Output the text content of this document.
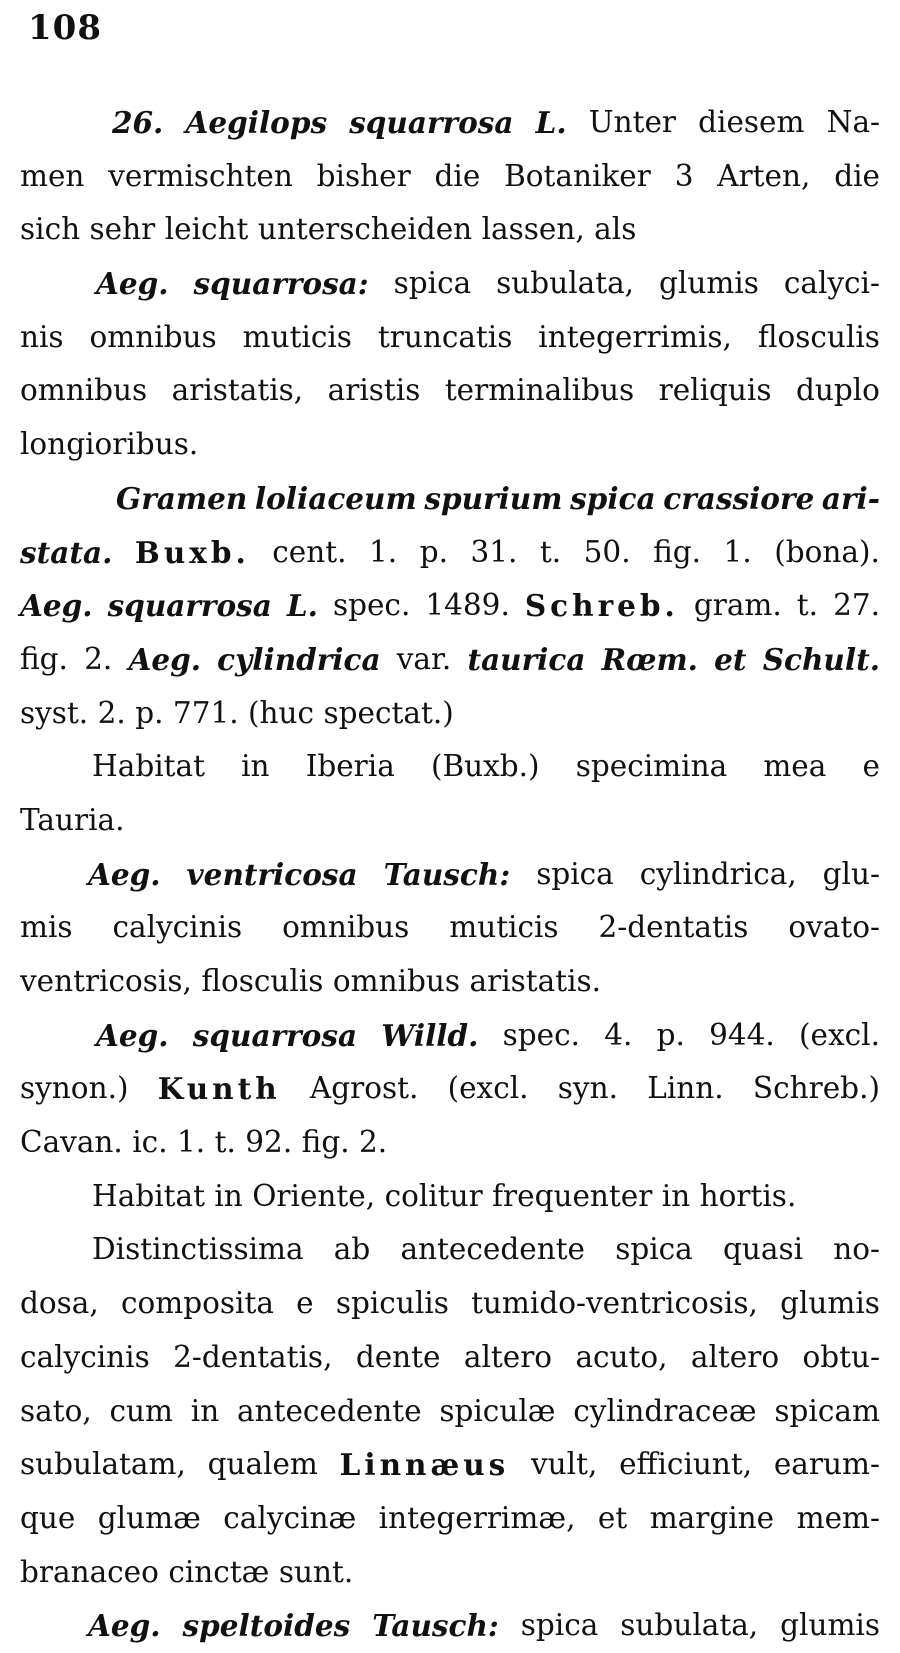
108
26. Aegilops squarrosa L. Unter diesem Na-
men vermischten bisher die Botaniker 3 Arten, die
sich sehr leicht unterscheiden lassen, als
Aeg. squarrosa: spica subulata, glumis calyci-
nis omnibus muticis truncatis integerrimis, flosculis
omnibus aristatis, aristis terminalibus reliquis duplo
longioribus.
Gramen loliaceum spurium spica crassiore ari-
stata. Buxb. cent. 1. p. 31. t. 50. fig. 1. (bona).
Aeg. squarrosa L. spec. 1489. Schreb. gram. t. 27.
fig. 2. Aeg. cylindrica var. taurica Rœm. et Schult.
syst. 2. p. 771. (huc spectat.)
Habitat in Iberia (Buxb.) specimina mea e
Tauria.
Aeg. ventricosa Tausch: spica cylindrica, glu-
mis calycinis omnibus muticis 2-dentatis ovato-
ventricosis, flosculis omnibus aristatis.
Aeg. squarrosa Willd. spec. 4. p. 944. (excl.
synon.) Kunth Agrost. (excl. syn. Linn. Schreb.)
Cavan. ic. 1. t. 92. fig. 2.
Habitat in Oriente, colitur frequenter in hortis.
Distinctissima ab antecedente spica quasi no-
dosa, composita e spiculis tumido-ventricosis, glumis
calycinis 2-dentatis, dente altero acuto, altero obtu-
sato, cum in antecedente spiculæ cylindraceæ spicam
subulatam, qualem Linnæus vult, efficiunt, earum-
que glumæ calycinæ integerrimæ, et margine mem-
branaceo cinctæ sunt.
Aeg. speltoides Tausch: spica subulata, glumis
